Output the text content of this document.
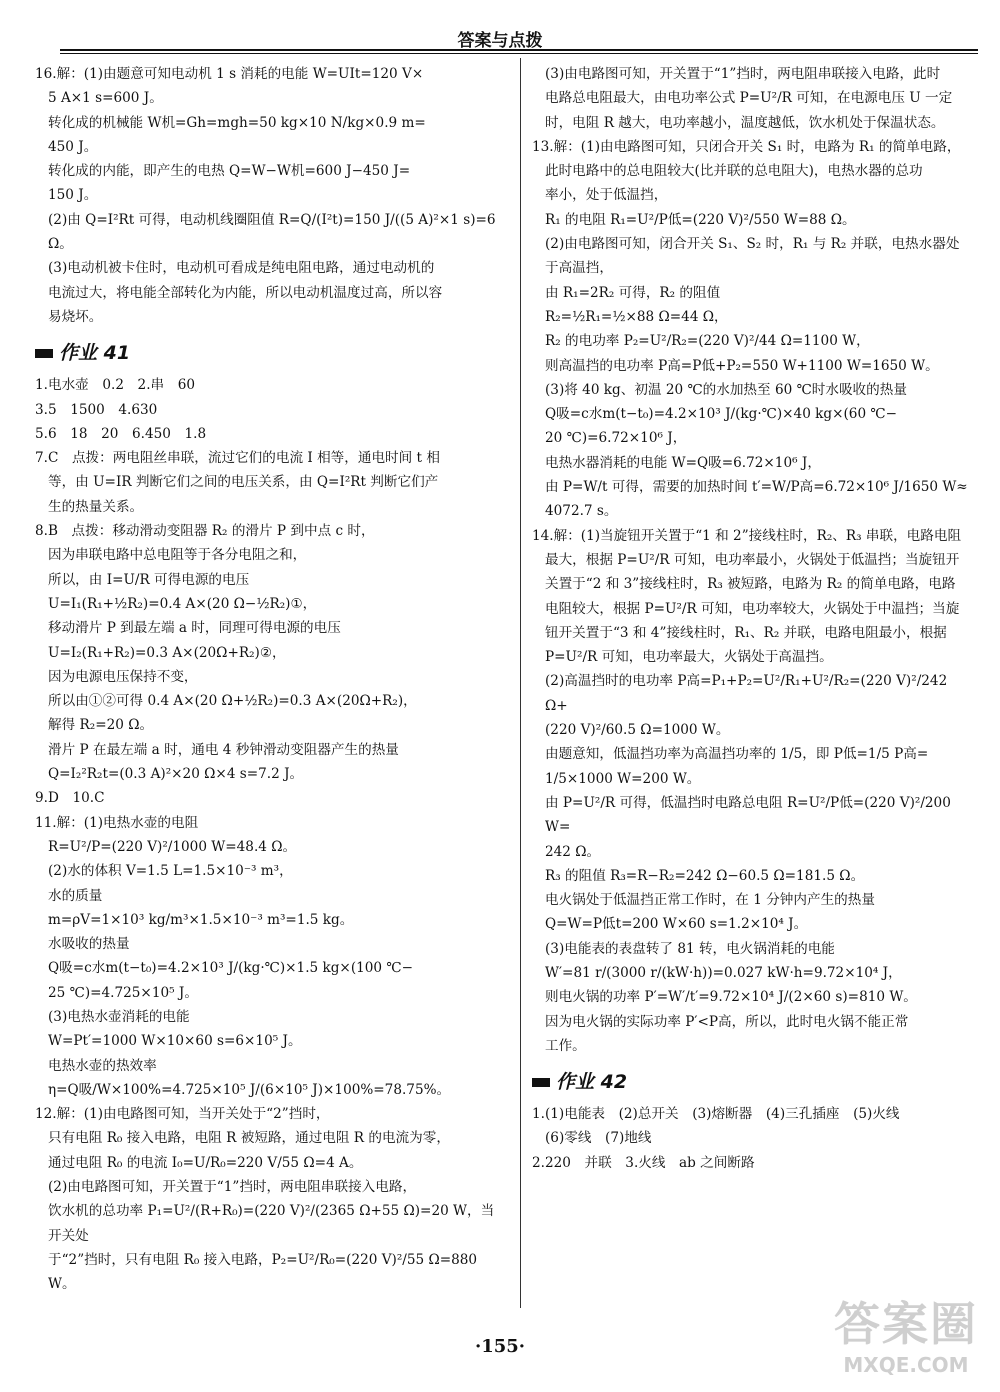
答案与点拨

16.解：(1)由题意可知电动机 1 s 消耗的电能 W=UIt=120 V×

5 A×1 s=600 J。

转化成的机械能 W机=Gh=mgh=50 kg×10 N/kg×0.9 m=

450 J。

转化成的内能，即产生的电热 Q=W−W机=600 J−450 J=

150 J。

(2)由 Q=I²Rt 可得，电动机线圈阻值 R=Q/(I²t)=150 J/((5 A)²×1 s)=6 Ω。

(3)电动机被卡住时，电动机可看成是纯电阻电路，通过电动机的

电流过大，将电能全部转化为内能，所以电动机温度过高，所以容

易烧坏。

作业 41

1.电水壶　0.2　2.串　60

3.5　1500　4.630

5.6　18　20　6.450　1.8

7.C　点拨：两电阻丝串联，流过它们的电流 I 相等，通电时间 t 相

等，由 U=IR 判断它们之间的电压关系，由 Q=I²Rt 判断它们产

生的热量关系。

8.B　点拨：移动滑动变阻器 R₂ 的滑片 P 到中点 c 时，

因为串联电路中总电阻等于各分电阻之和，

所以，由 I=U/R 可得电源的电压

U=I₁(R₁+½R₂)=0.4 A×(20 Ω−½R₂)①，

移动滑片 P 到最左端 a 时，同理可得电源的电压

U=I₂(R₁+R₂)=0.3 A×(20Ω+R₂)②，

因为电源电压保持不变，

所以由①②可得 0.4 A×(20 Ω+½R₂)=0.3 A×(20Ω+R₂)，

解得 R₂=20 Ω。

滑片 P 在最左端 a 时，通电 4 秒钟滑动变阻器产生的热量

Q=I₂²R₂t=(0.3 A)²×20 Ω×4 s=7.2 J。

9.D　10.C

11.解：(1)电热水壶的电阻

R=U²/P=(220 V)²/1000 W=48.4 Ω。

(2)水的体积 V=1.5 L=1.5×10⁻³ m³，

水的质量

m=ρV=1×10³ kg/m³×1.5×10⁻³ m³=1.5 kg。

水吸收的热量

Q吸=c水m(t−t₀)=4.2×10³ J/(kg·℃)×1.5 kg×(100 ℃−

25 ℃)=4.725×10⁵ J。

(3)电热水壶消耗的电能

W=Pt′=1000 W×10×60 s=6×10⁵ J。

电热水壶的热效率

η=Q吸/W×100%=4.725×10⁵ J/(6×10⁵ J)×100%=78.75%。

12.解：(1)由电路图可知，当开关处于“2”挡时，

只有电阻 R₀ 接入电路，电阻 R 被短路，通过电阻 R 的电流为零，

通过电阻 R₀ 的电流 I₀=U/R₀=220 V/55 Ω=4 A。

(2)由电路图可知，开关置于“1”挡时，两电阻串联接入电路，

饮水机的总功率 P₁=U²/(R+R₀)=(220 V)²/(2365 Ω+55 Ω)=20 W，当开关处

于“2”挡时，只有电阻 R₀ 接入电路，P₂=U²/R₀=(220 V)²/55 Ω=880 W。

(3)由电路图可知，开关置于“1”挡时，两电阻串联接入电路，此时

电路总电阻最大，由电功率公式 P=U²/R 可知，在电源电压 U 一定

时，电阻 R 越大，电功率越小，温度越低，饮水机处于保温状态。

13.解：(1)由电路图可知，只闭合开关 S₁ 时，电路为 R₁ 的简单电路，

此时电路中的总电阻较大(比并联的总电阻大)，电热水器的总功

率小，处于低温挡，

R₁ 的电阻 R₁=U²/P低=(220 V)²/550 W=88 Ω。

(2)由电路图可知，闭合开关 S₁、S₂ 时，R₁ 与 R₂ 并联，电热水器处

于高温挡，

由 R₁=2R₂ 可得，R₂ 的阻值

R₂=½R₁=½×88 Ω=44 Ω，

R₂ 的电功率 P₂=U²/R₂=(220 V)²/44 Ω=1100 W，

则高温挡的电功率 P高=P低+P₂=550 W+1100 W=1650 W。

(3)将 40 kg、初温 20 ℃的水加热至 60 ℃时水吸收的热量

Q吸=c水m(t−t₀)=4.2×10³ J/(kg·℃)×40 kg×(60 ℃−

20 ℃)=6.72×10⁶ J，

电热水器消耗的电能 W=Q吸=6.72×10⁶ J，

由 P=W/t 可得，需要的加热时间 t′=W/P高=6.72×10⁶ J/1650 W≈

4072.7 s。

14.解：(1)当旋钮开关置于“1 和 2”接线柱时，R₂、R₃ 串联，电路电阻

最大，根据 P=U²/R 可知，电功率最小，火锅处于低温挡；当旋钮开

关置于“2 和 3”接线柱时，R₃ 被短路，电路为 R₂ 的简单电路，电路

电阻较大，根据 P=U²/R 可知，电功率较大，火锅处于中温挡；当旋

钮开关置于“3 和 4”接线柱时，R₁、R₂ 并联，电路电阻最小，根据

P=U²/R 可知，电功率最大，火锅处于高温挡。

(2)高温挡时的电功率 P高=P₁+P₂=U²/R₁+U²/R₂=(220 V)²/242 Ω+

(220 V)²/60.5 Ω=1000 W。

由题意知，低温挡功率为高温挡功率的 1/5，即 P低=1/5 P高=

1/5×1000 W=200 W。

由 P=U²/R 可得，低温挡时电路总电阻 R=U²/P低=(220 V)²/200 W=

242 Ω。

R₃ 的阻值 R₃=R−R₂=242 Ω−60.5 Ω=181.5 Ω。

电火锅处于低温挡正常工作时，在 1 分钟内产生的热量

Q=W=P低t=200 W×60 s=1.2×10⁴ J。

(3)电能表的表盘转了 81 转，电火锅消耗的电能

W′=81 r/(3000 r/(kW·h))=0.027 kW·h=9.72×10⁴ J，

则电火锅的功率 P′=W′/t′=9.72×10⁴ J/(2×60 s)=810 W。

因为电火锅的实际功率 P′<P高，所以，此时电火锅不能正常

工作。

作业 42

1.(1)电能表　(2)总开关　(3)熔断器　(4)三孔插座　(5)火线

(6)零线　(7)地线

2.220　并联　3.火线　ab 之间断路

·155·	答案圈
MXQE.COM
